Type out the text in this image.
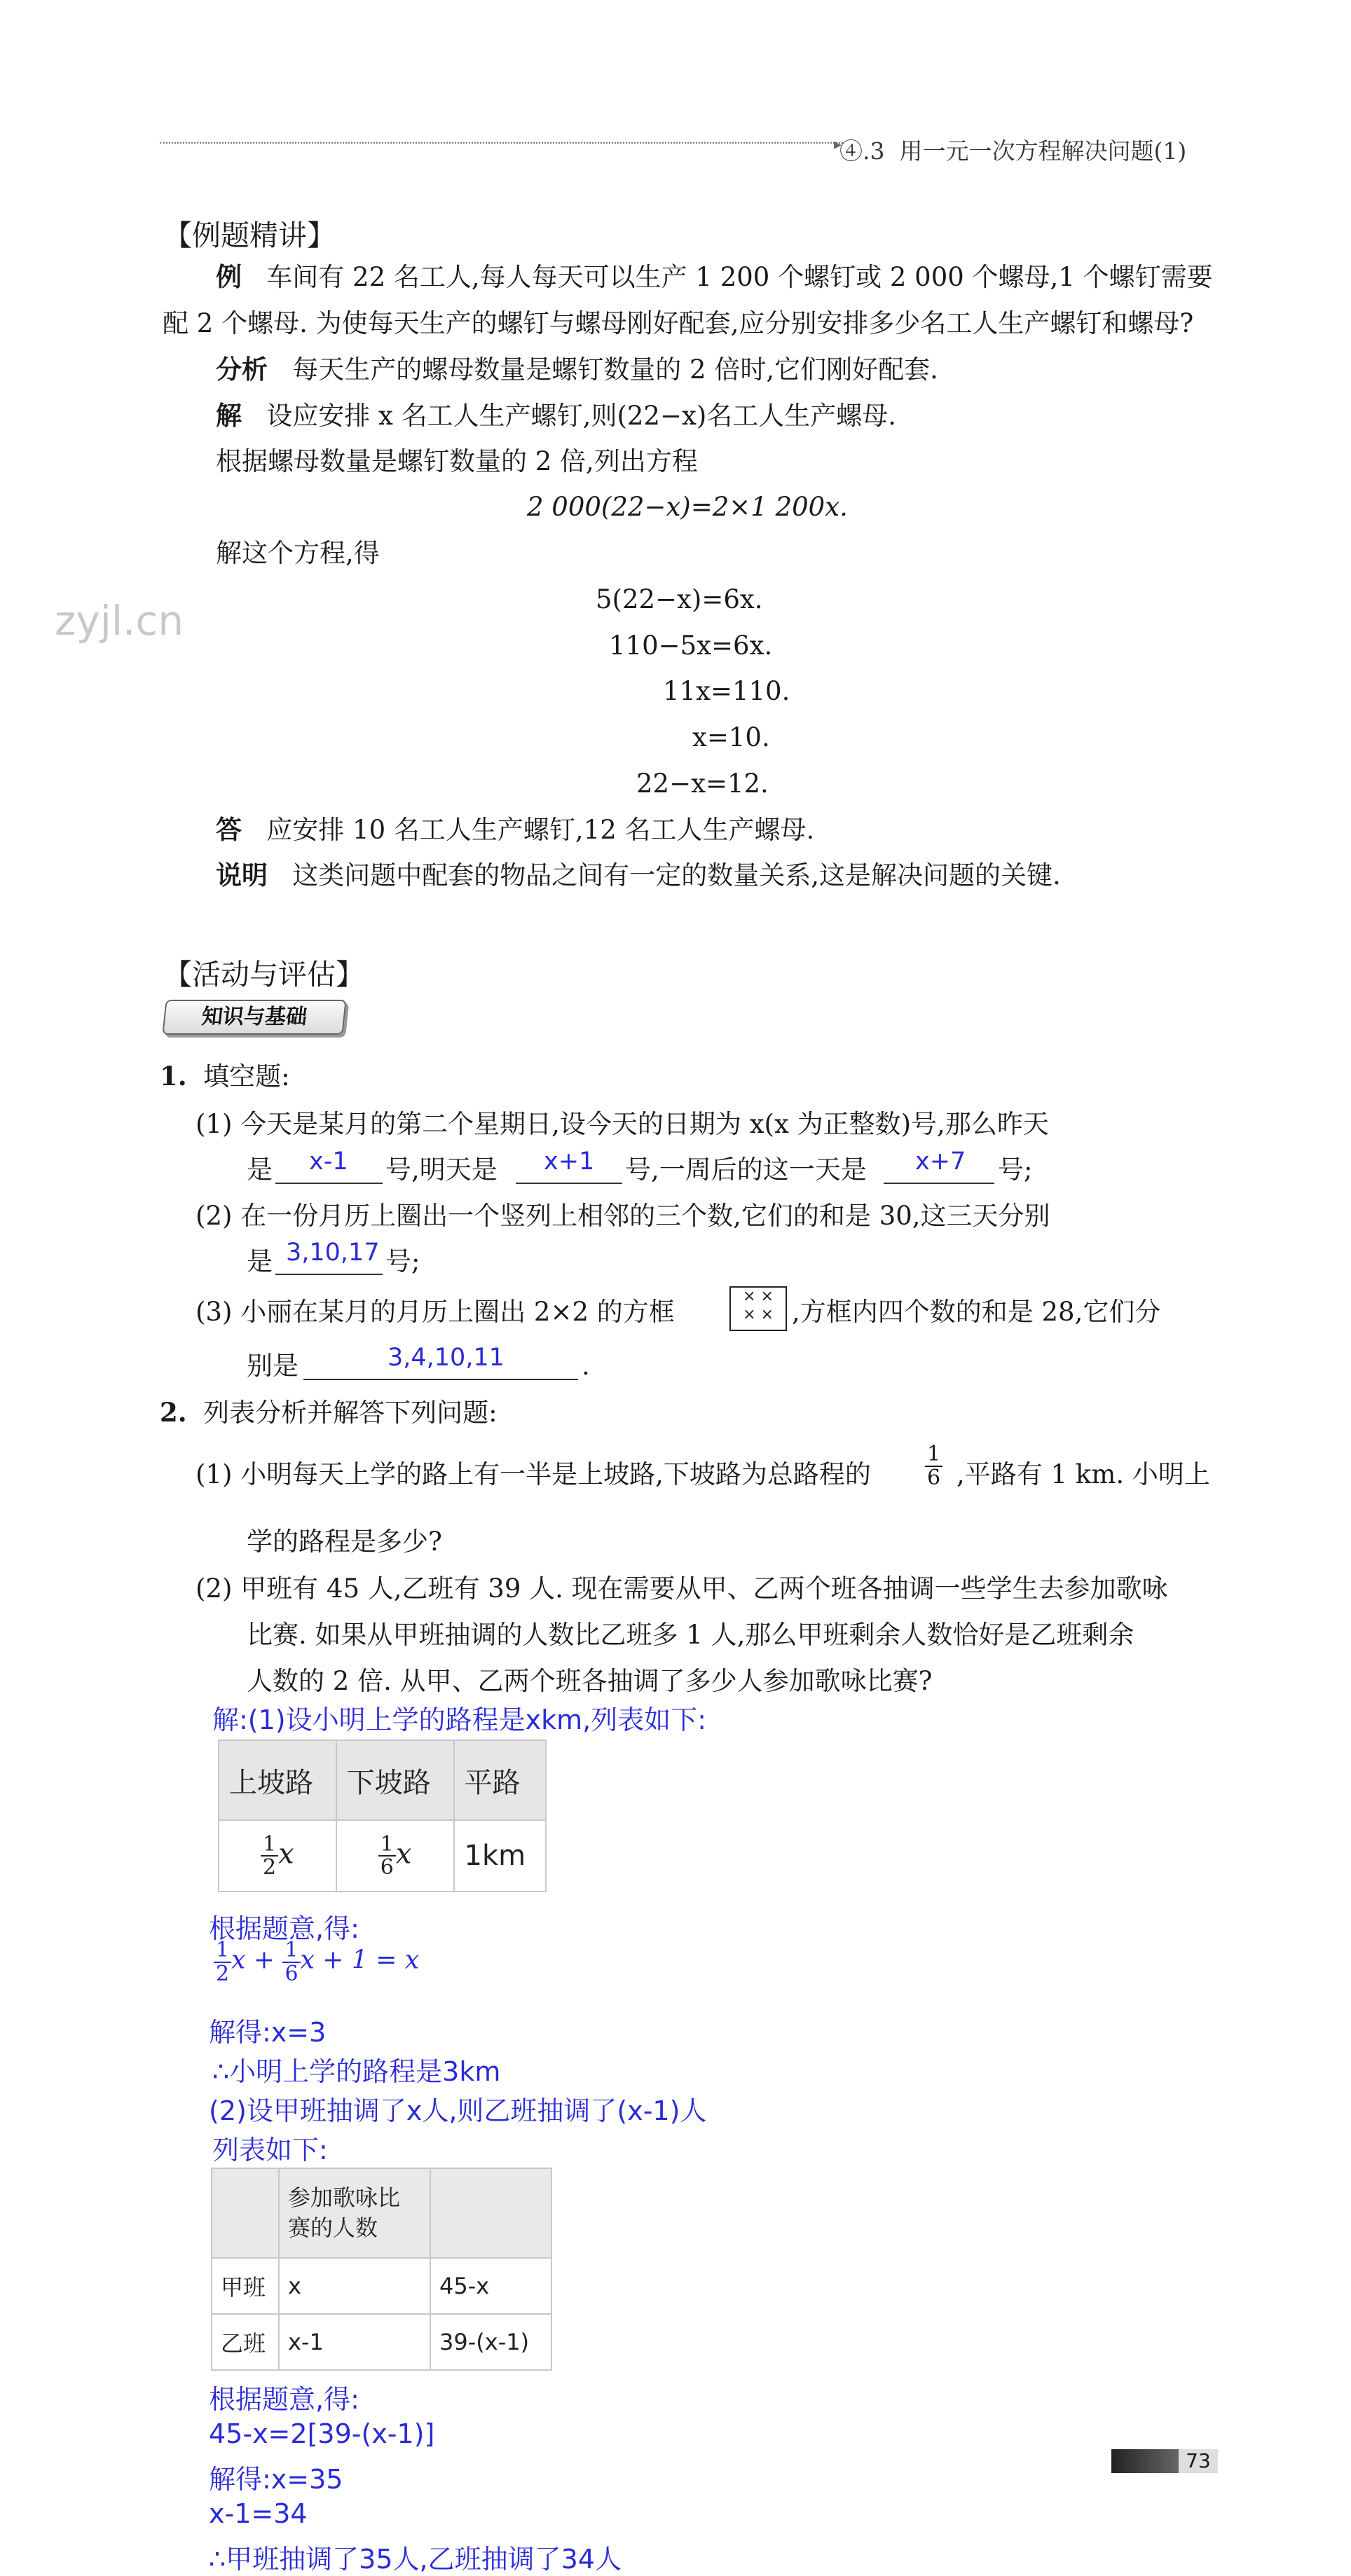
▸
④.3 用一元一次方程解决问题(1)
zyjl.cn
【例题精讲】
例 车间有 22 名工人,每人每天可以生产 1 200 个螺钉或 2 000 个螺母,1 个螺钉需要
配 2 个螺母. 为使每天生产的螺钉与螺母刚好配套,应分别安排多少名工人生产螺钉和螺母?
分析 每天生产的螺母数量是螺钉数量的 2 倍时,它们刚好配套.
解 设应安排 x 名工人生产螺钉,则(22−x)名工人生产螺母.
根据螺母数量是螺钉数量的 2 倍,列出方程
2 000(22−x)=2×1 200x.
解这个方程,得
5(22−x)=6x.
110−5x=6x.
11x=110.
x=10.
22−x=12.
答 应安排 10 名工人生产螺钉,12 名工人生产螺母.
说明 这类问题中配套的物品之间有一定的数量关系,这是解决问题的关键.
【活动与评估】
知识与基础
1. 填空题:
(1) 今天是某月的第二个星期日,设今天的日期为 x(x 为正整数)号,那么昨天
是 x-1 号,明天是 x+1 号,一周后的这一天是 x+7 号;
(2) 在一份月历上圈出一个竖列上相邻的三个数,它们的和是 30,这三天分别
是 3,10,17 号;
(3) 小丽在某月的月历上圈出 2×2 的方框
× ×
× × ,方框内四个数的和是 28,它们分
别是	3,4,10,11	.
2. 列表分析并解答下列问题:
(1) 小明每天上学的路上有一半是上坡路,下坡路为总路程的	$\frac{1}{6}$ ,平路有 1 km. 小明上
学的路程是多少?
(2) 甲班有 45 人,乙班有 39 人. 现在需要从甲、乙两个班各抽调一些学生去参加歌咏
比赛. 如果从甲班抽调的人数比乙班多 1 人,那么甲班剩余人数恰好是乙班剩余
人数的 2 倍. 从甲、乙两个班各抽调了多少人参加歌咏比赛?
解:(1)设小明上学的路程是xkm,列表如下:
上坡路	下坡路	平路

$\frac{1}{2}$ x	$\frac{1}{6}$ x	1km
根据题意,得:
$\frac{1}{2}$ $x + \frac{1}{6}$ x + 1 = x
解得:x=3
∴小明上学的路程是3km
(2)设甲班抽调了x人,则乙班抽调了(x-1)人
列表如下:
	参加歌咏比赛的人数	
甲班	x	45-x
乙班	x-1	39-(x-1)
根据题意,得:
45-x=2[39-(x-1)]
解得:x=35
x-1=34
∴甲班抽调了35人,乙班抽调了34人
73
